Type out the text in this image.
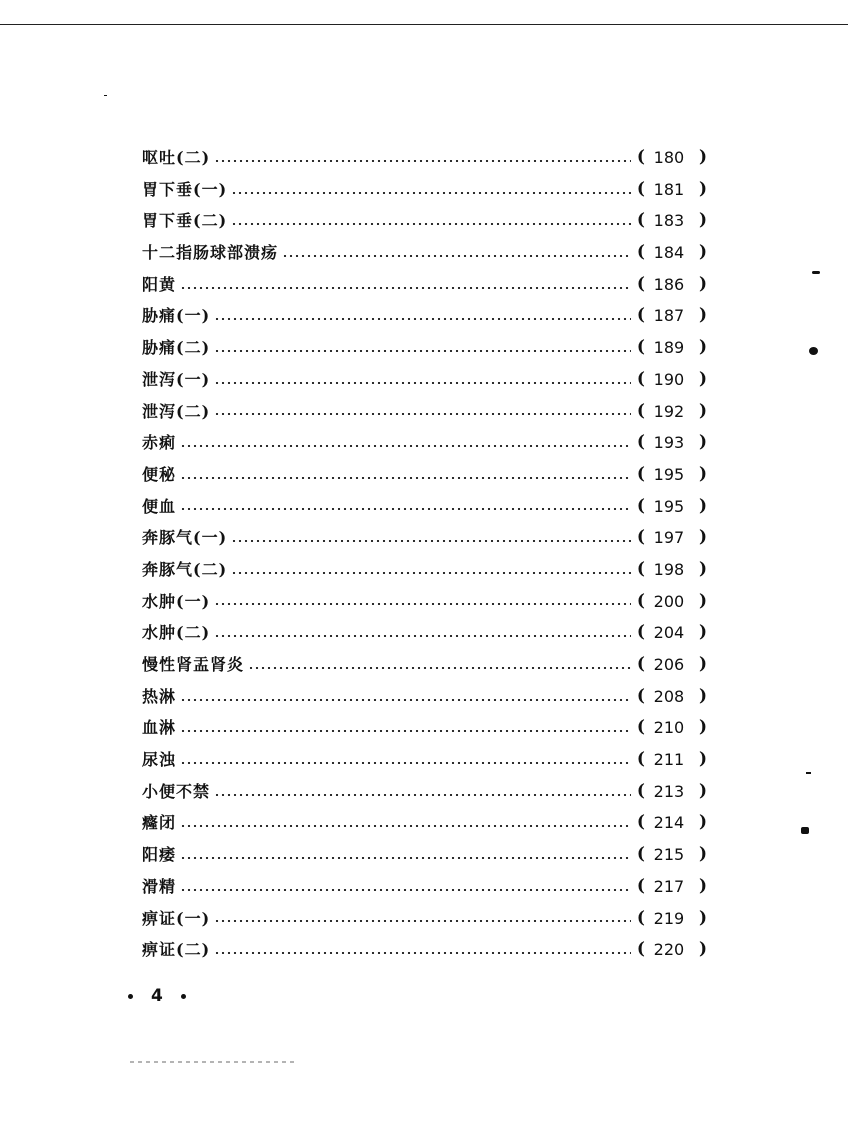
呕吐(二)	( 180 )
胃下垂(一)	( 181 )
胃下垂(二)	( 183 )
十二指肠球部溃疡	( 184 )
阳黄	( 186 )
胁痛(一)	( 187 )
胁痛(二)	( 189 )
泄泻(一)	( 190 )
泄泻(二)	( 192 )
赤痢	( 193 )
便秘	( 195 )
便血	( 195 )
奔豚气(一)	( 197 )
奔豚气(二)	( 198 )
水肿(一)	( 200 )
水肿(二)	( 204 )
慢性肾盂肾炎	( 206 )
热淋	( 208 )
血淋	( 210 )
尿浊	( 211 )
小便不禁	( 213 )
癃闭	( 214 )
阳痿	( 215 )
滑精	( 217 )
痹证(一)	( 219 )
痹证(二)	( 220 )
4
